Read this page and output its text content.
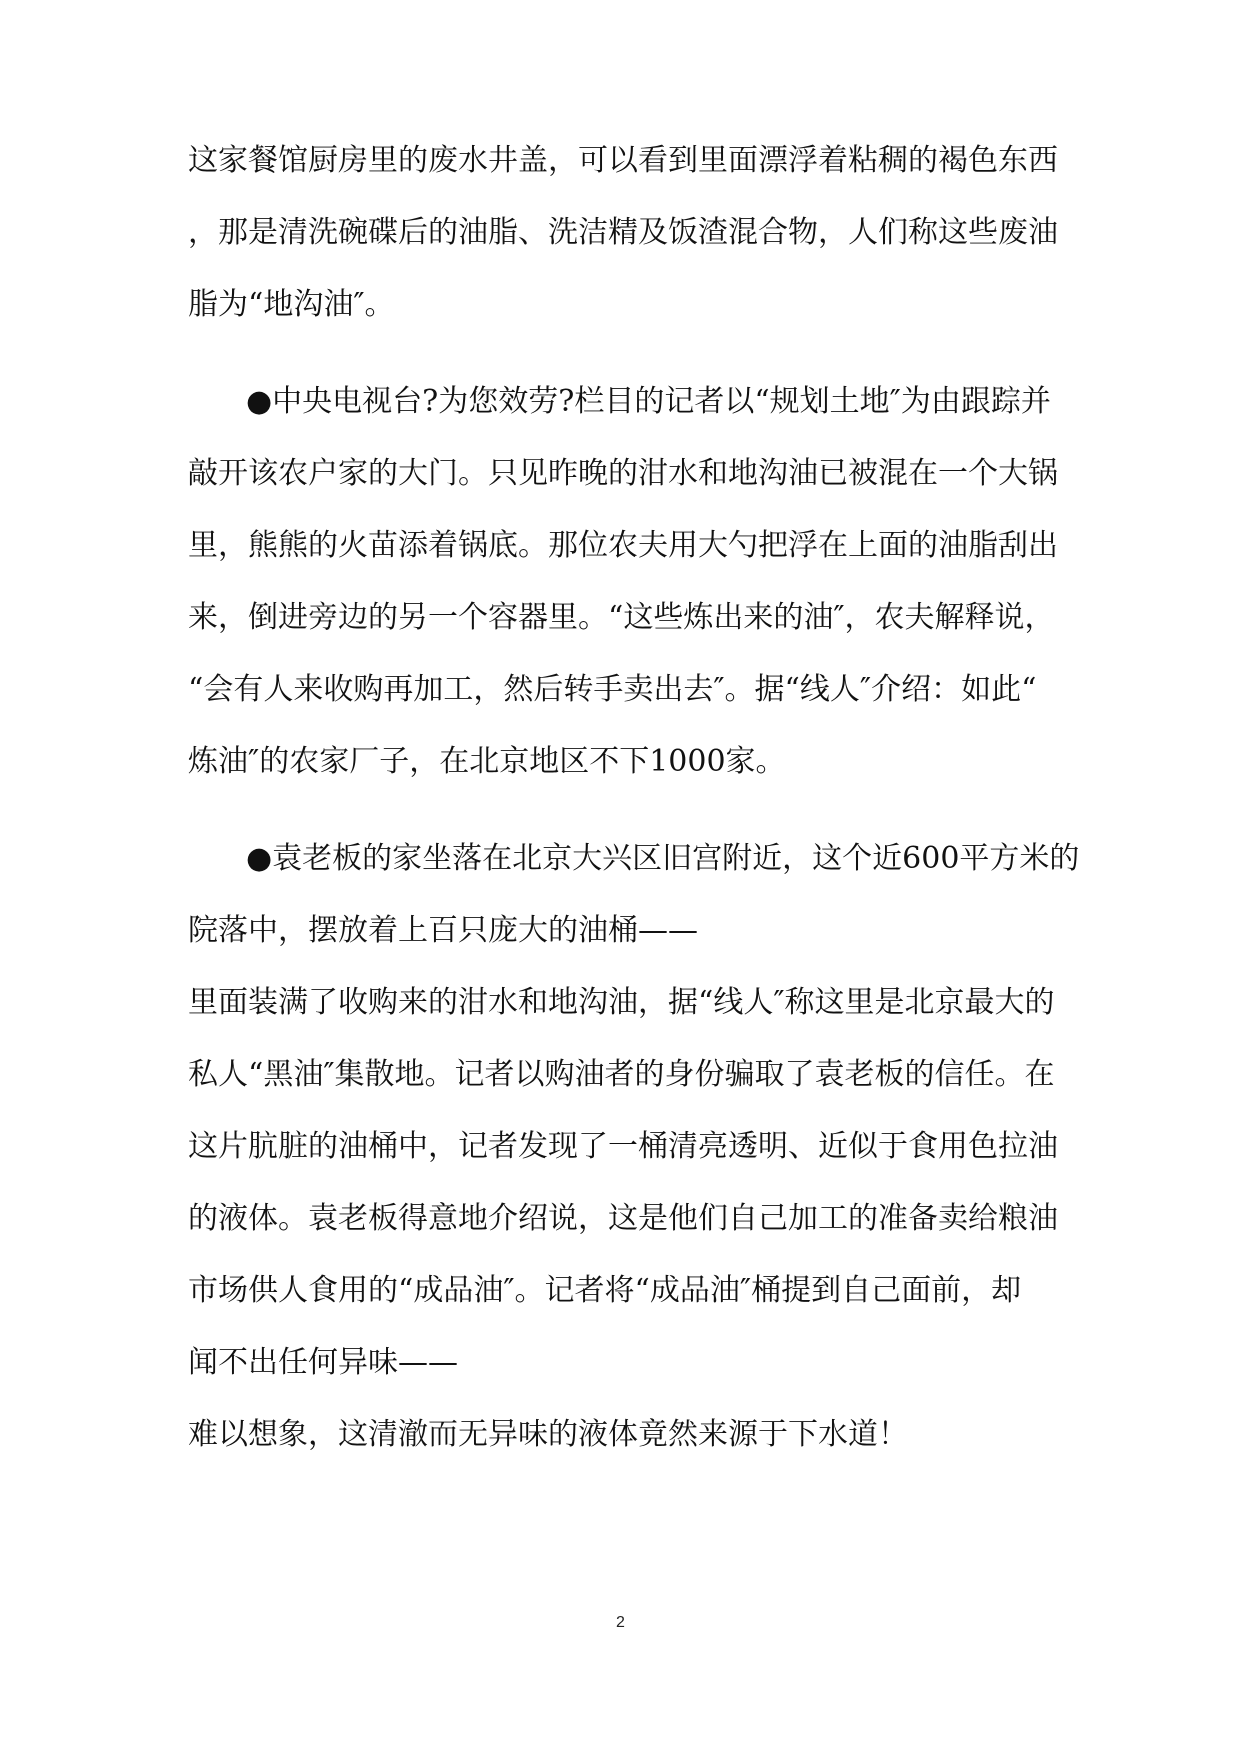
这家餐馆厨房里的废水井盖，可以看到里面漂浮着粘稠的褐色东西
，那是清洗碗碟后的油脂、洗洁精及饭渣混合物，人们称这些废油
脂为“地沟油″。
●中央电视台?为您效劳?栏目的记者以“规划土地″为由跟踪并
敲开该农户家的大门。只见昨晚的泔水和地沟油已被混在一个大锅
里，熊熊的火苗添着锅底。那位农夫用大勺把浮在上面的油脂刮出
来，倒进旁边的另一个容器里。“这些炼出来的油″，农夫解释说，
“会有人来收购再加工，然后转手卖出去″。据“线人″介绍：如此“
炼油″的农家厂子，在北京地区不下1000家。
●袁老板的家坐落在北京大兴区旧宫附近，这个近600平方米的
院落中，摆放着上百只庞大的油桶——
里面装满了收购来的泔水和地沟油，据“线人″称这里是北京最大的
私人“黑油″集散地。记者以购油者的身份骗取了袁老板的信任。在
这片肮脏的油桶中，记者发现了一桶清亮透明、近似于食用色拉油
的液体。袁老板得意地介绍说，这是他们自己加工的准备卖给粮油
市场供人食用的“成品油″。记者将“成品油″桶提到自己面前，却
闻不出任何异味——
难以想象，这清澈而无异味的液体竟然来源于下水道！
2
